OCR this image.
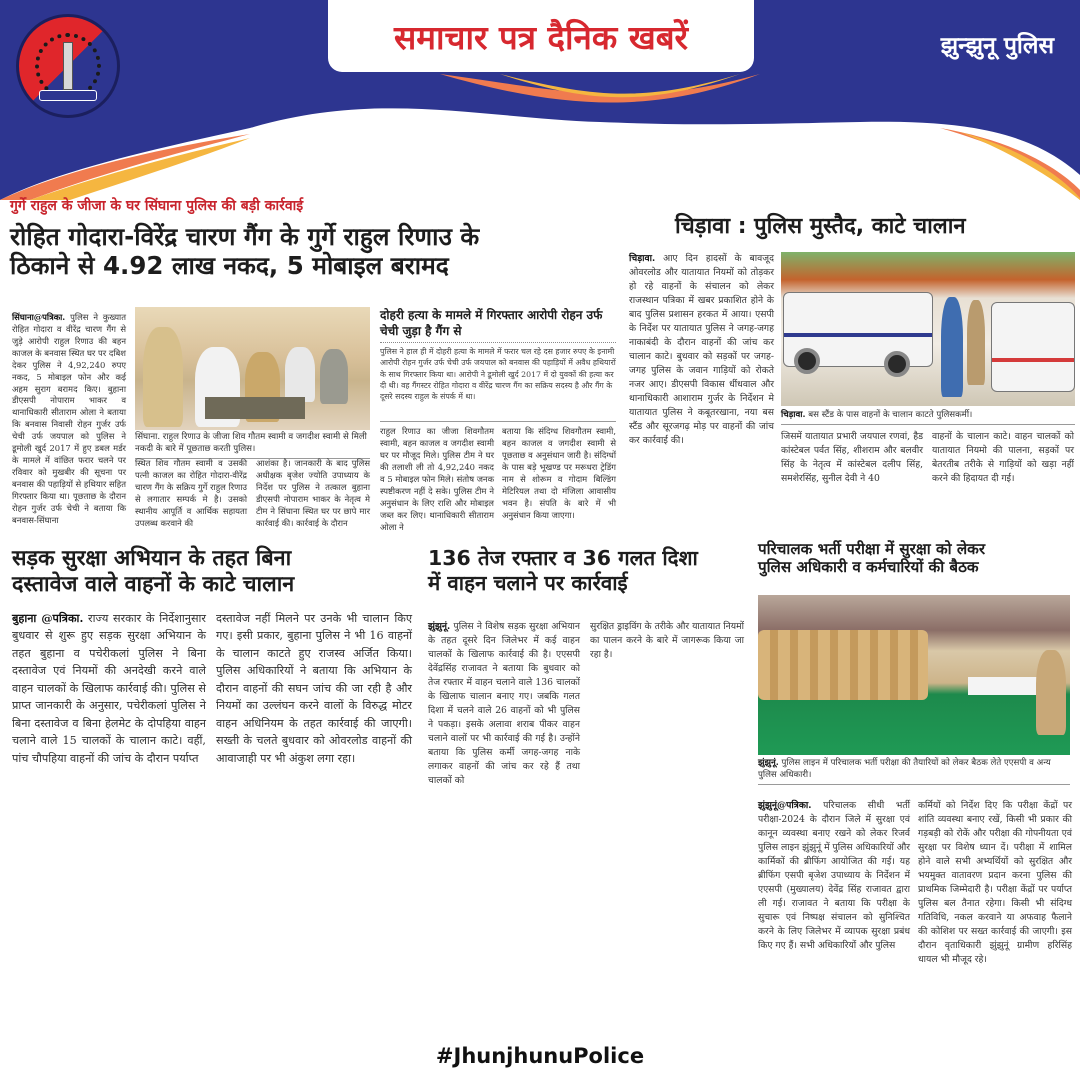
समाचार पत्र दैनिक खबरें	झुन्झुनू पुलिस
गुर्गे राहुल के जीजा के घर सिंघाना पुलिस की बड़ी कार्रवाई
रोहित गोदारा-विरेंद्र चारण गैंग के गुर्गे राहुल रिणाउ के
ठिकाने से 4.92 लाख नकद, 5 मोबाइल बरामद
सिंघाना@पत्रिका. पुलिस ने कुख्यात रोहित गोदारा व वीरेंद्र चारण गैंग से जुड़े आरोपी राहुल रिणाउ की बहन काजल के बनवास स्थित घर पर दबिश देकर पुलिस ने 4,92,240 रुपए नकद, 5 मोबाइल फोन और कई अहम सुराग बरामद किए। बुहाना डीएसपी नोपाराम भाकर व थानाधिकारी सीताराम ओला ने बताया कि बनवास निवासी रोहन गुर्जर उर्फ चेची उर्फ जयपाल को पुलिस ने डूमोली खुर्द 2017 में हुए डबल मर्डर के मामले में वांछित फरार चलने पर रविवार को मुखबीर की सूचना पर बनवास की पहाड़ियों से हथियार सहित गिरफ्तार किया था। पूछताछ के दौरान रोहन गुर्जर उर्फ चेची ने बताया कि बनवास-सिंघाना
सिंघाना. राहुल रिणाउ के जीजा शिव गौतम स्वामी व जगदीश स्वामी से मिली नकदी के बारे में पूछताछ करती पुलिस।
स्थित शिव गौतम स्वामी व उसकी पत्नी काजल का रोहित गोदारा-वीरेंद्र चारण गैंग के सक्रिय गुर्गे राहुल रिणाउ से लगातार सम्पर्क मे है। उसको स्थानीय आपूर्ति व आर्थिक सहायता उपलब्ध करवाने की
आशंका है। जानकारी के बाद पुलिस अधीक्षक बृजेश ज्योति उपाध्याय के निर्देश पर पुलिस ने तत्काल बुहाना डीएसपी नोपाराम भाकर के नेतृत्व मे टीम ने सिंघाना स्थित घर पर छापे मार कार्रवाई की। कार्रवाई के दौरान
दोहरी हत्या के मामले में गिरफ्तार आरोपी रोहन उर्फ चेची जुड़ा है गैंग से
पुलिस ने हाल ही में दोहरी हत्या के मामले में फरार चल रहे दस हजार रुपए के इनामी आरोपी रोहन गुर्जर उर्फ चेची उर्फ जयपाल को बनवास की पहाड़ियों में अवैध हथियारों के साथ गिरफ्तार किया था। आरोपी ने डूमोली खुर्द 2017 में दो युवकों की हत्या कर दी थी। वह गैंगस्टर रोहित गोदारा व वीरेंद्र चारण गैंग का सक्रिय सदस्य है और गैंग के दूसरे सदस्य राहुल के संपर्क में था।
राहुल रिणाउ का जीजा शिवगौतम स्वामी, बहन काजल व जगदीश स्वामी घर पर मौजूद मिले। पुलिस टीम ने घर की तलाशी ली तो 4,92,240 नकद व 5 मोबाइल फोन मिले। संतोष जनक स्पष्टीकरण नहीं दे सके। पुलिस टीम ने अनुसंधान के लिए राशि और मोबाइल जब्त कर लिए। थानाधिकारी सीताराम ओला ने
बताया कि संदिग्ध शिवगौतम स्वामी, बहन काजल व जगदीश स्वामी से पूछताछ व अनुसंधान जारी है। संदिग्धों के पास बड़े भूखण्ड पर मरूधरा ट्रेडिंग नाम से शोरूम व गोदाम बिल्डिंग मेटिरियल तथा दो मंजिला आवासीय भवन है। संपति के बारे में भी अनुसंधान किया जाएगा।
चिड़ावा : पुलिस मुस्तैद, काटे चालान
चिड़ावा. आए दिन हादसों के बावजूद ओवरलोड और यातायात नियमों को तोड़कर हो रहे वाहनों के संचालन को लेकर राजस्थान पत्रिका में खबर प्रकाशित होने के बाद पुलिस प्रशासन हरकत में आया। एसपी के निर्देश पर यातायात पुलिस ने जगह-जगह नाकाबंदी के दौरान वाहनों की जांच कर चालान काटे। बुधवार को सड़कों पर जगह-जगह पुलिस के जवान गाड़ियों को रोकते नजर आए। डीएसपी विकास धींधवाल और थानाधिकारी आशाराम गुर्जर के निर्देशन मे यातायात पुलिस ने कबूतरखाना, नया बस स्टैंड और सूरजगढ़ मोड़ पर वाहनों की जांच कर कार्रवाई की।
चिड़ावा. बस स्टैंड के पास वाहनों के चालान काटते पुलिसकर्मी।
जिसमें यातायात प्रभारी जयपाल रणवां, हैड कांस्टेबल पर्वत सिंह, शीशराम और बलवीर सिंह के नेतृत्व में कांस्टेबल दलीप सिंह, समशेरसिंह, सुनील देवी ने 40
वाहनों के चालान काटे। वाहन चालकों को यातायात नियमो की पालना, सड़कों पर बेतरतीब तरीके से गाड़ियों को खड़ा नहीं करने की हिदायत दी गई।
सड़क सुरक्षा अभियान के तहत बिना
दस्तावेज वाले वाहनों के काटे चालान
बुहाना @पत्रिका. राज्य सरकार के निर्देशानुसार बुधवार से शुरू हुए सड़क सुरक्षा अभियान के तहत बुहाना व पचेरीकलां पुलिस ने बिना दस्तावेज एवं नियमों की अनदेखी करने वाले वाहन चालकों के खिलाफ कार्रवाई की। पुलिस से प्राप्त जानकारी के अनुसार, पचेरीकलां पुलिस ने बिना दस्तावेज व बिना हेलमेट के दोपहिया वाहन चलाने वाले 15 चालकों के चालान काटे। वहीं, पांच चौपहिया वाहनों की जांच के दौरान पर्याप्त
दस्तावेज नहीं मिलने पर उनके भी चालान किए गए। इसी प्रकार, बुहाना पुलिस ने भी 16 वाहनों के चालान काटते हुए राजस्व अर्जित किया। पुलिस अधिकारियों ने बताया कि अभियान के दौरान वाहनों की सघन जांच की जा रही है और नियमों का उल्लंघन करने वालों के विरुद्ध मोटर वाहन अधिनियम के तहत कार्रवाई की जाएगी। सख्ती के चलते बुधवार को ओवरलोड वाहनों की आवाजाही पर भी अंकुश लगा रहा।
136 तेज रफ्तार व 36 गलत दिशा
में वाहन चलाने पर कार्रवाई
झुंझुनूं. पुलिस ने विशेष सड़क सुरक्षा अभियान के तहत दूसरे दिन जिलेभर में कई वाहन चालकों के खिलाफ कार्रवाई की है। एएसपी देवेंद्रसिंह राजावत ने बताया कि बुधवार को तेज रफ्तार में वाहन चलाने वाले 136 चालकों के खिलाफ चालान बनाए गए। जबकि गलत दिशा में चलने वाले 26 वाहनों को भी पुलिस ने पकड़ा। इसके अलावा शराब पीकर वाहन चलाने वालों पर भी कार्रवाई की गई है। उन्होंने बताया कि पुलिस कर्मी जगह-जगह नाके लगाकर वाहनों की जांच कर रहे हैं तथा चालकों को
सुरक्षित ड्राइविंग के तरीके और यातायात नियमों का पालन करने के बारे में जागरूक किया जा रहा है।
परिचालक भर्ती परीक्षा में सुरक्षा को लेकर
पुलिस अधिकारी व कर्मचारियों की बैठक
झुंझुनूं. पुलिस लाइन में परिचालक भर्ती परीक्षा की तैयारियों को लेकर बैठक लेते एएसपी व अन्य पुलिस अधिकारी।
झुंझुनूं@पत्रिका. परिचालक सीधी भर्ती परीक्षा-2024 के दौरान जिले में सुरक्षा एवं कानून व्यवस्था बनाए रखने को लेकर रिजर्व पुलिस लाइन झुंझुनूं में पुलिस अधिकारियों और कार्मिकों की ब्रीफिंग आयोजित की गई। यह ब्रीफिंग एसपी बृजेश उपाध्याय के निर्देशन में एएसपी (मुख्यालय) देवेंद्र सिंह राजावत द्वारा ली गई। राजावत ने बताया कि परीक्षा के सुचारू एवं निष्पक्ष संचालन को सुनिश्चित करने के लिए जिलेभर में व्यापक सुरक्षा प्रबंध किए गए हैं। सभी अधिकारियों और पुलिस
कर्मियों को निर्देश दिए कि परीक्षा केंद्रों पर शांति व्यवस्था बनाए रखें, किसी भी प्रकार की गड़बड़ी को रोकें और परीक्षा की गोपनीयता एवं सुरक्षा पर विशेष ध्यान दें। परीक्षा में शामिल होने वाले सभी अभ्यर्थियों को सुरक्षित और भयमुक्त वातावरण प्रदान करना पुलिस की प्राथमिक जिम्मेदारी है। परीक्षा केंद्रों पर पर्याप्त पुलिस बल तैनात रहेगा। किसी भी संदिग्ध गतिविधि, नकल करवाने या अफवाह फैलाने की कोशिश पर सख्त कार्रवाई की जाएगी। इस दौरान वृताधिकारी झुंझुनूं ग्रामीण हरिसिंह धायल भी मौजूद रहे।
#JhunjhunuPolice
